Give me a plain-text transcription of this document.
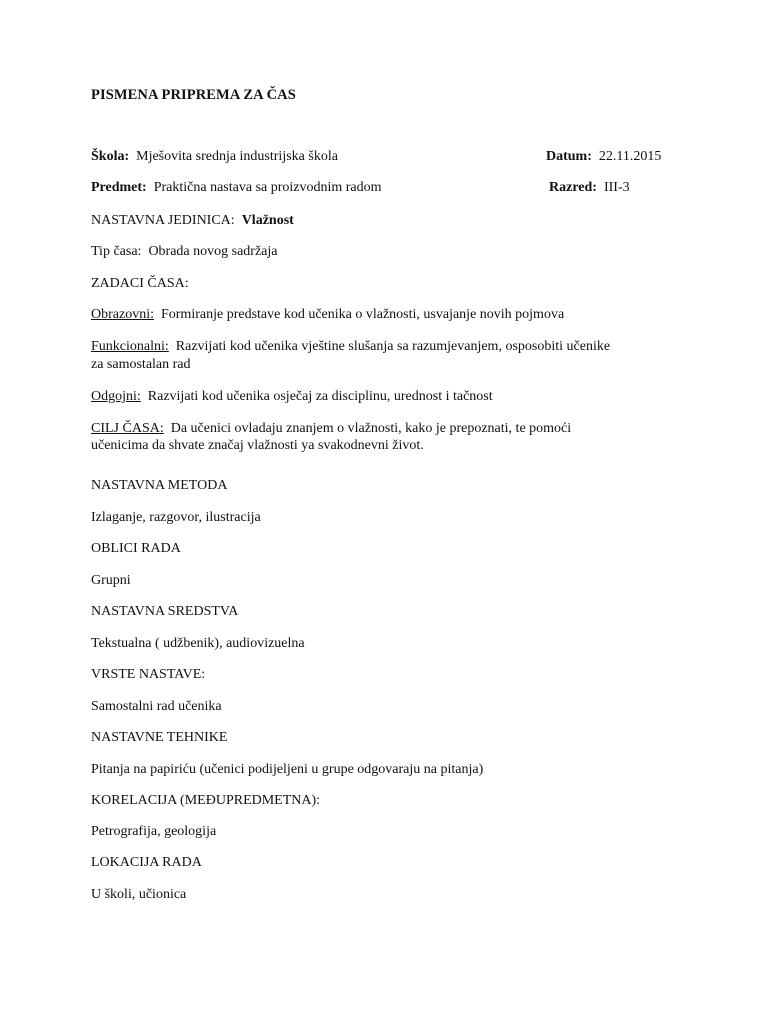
PISMENA PRIPREMA ZA ČAS
Škola: Mješovita srednja industrijska škola	Datum: 22.11.2015
Predmet: Praktična nastava sa proizvodnim radom	Razred: III-3
NASTAVNA JEDINICA: Vlažnost
Tip časa: Obrada novog sadržaja
ZADACI ČASA:
Obrazovni: Formiranje predstave kod učenika o vlažnosti, usvajanje novih pojmova
Funkcionalni: Razvijati kod učenika vještine slušanja sa razumjevanjem, osposobiti učenike
za samostalan rad
Odgojni: Razvijati kod učenika osječaj za disciplinu, urednost i tačnost
CILJ ČASA: Da učenici ovladaju znanjem o vlažnosti, kako je prepoznati, te pomoći
učenicima da shvate značaj vlažnosti ya svakodnevni život.
NASTAVNA METODA
Izlaganje, razgovor, ilustracija
OBLICI RADA
Grupni
NASTAVNA SREDSTVA
Tekstualna ( udžbenik), audiovizuelna
VRSTE NASTAVE:
Samostalni rad učenika
NASTAVNE TEHNIKE
Pitanja na papiriću (učenici podijeljeni u grupe odgovaraju na pitanja)
KORELACIJA (MEĐUPREDMETNA):
Petrografija, geologija
LOKACIJA RADA
U školi, učionica
